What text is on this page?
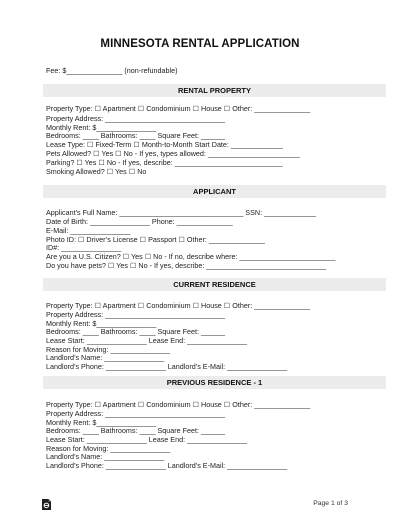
MINNESOTA RENTAL APPLICATION
Fee: $______________ (non-refundable)
RENTAL PROPERTY
Property Type: ☐ Apartment ☐ Condominium ☐ House ☐ Other: ______________
Property Address: ______________________________
Monthly Rent: $_______________
Bedrooms: ____ Bathrooms: ____ Square Feet: ______
Lease Type: ☐ Fixed-Term ☐ Month-to-Month Start Date: _____________
Pets Allowed? ☐ Yes ☐ No - If yes, types allowed: _______________________
Parking? ☐ Yes ☐ No - If yes, describe: ___________________________
Smoking Allowed? ☐ Yes ☐ No
APPLICANT
Applicant’s Full Name: _______________________________ SSN: _____________
Date of Birth: _______________ Phone: ______________
E-Mail: _______________
Photo ID: ☐ Driver’s License ☐ Passport ☐ Other: ______________
ID#: _______________
Are you a U.S. Citizen? ☐ Yes ☐ No - If no, describe where: ________________________
Do you have pets? ☐ Yes ☐ No - If yes, describe: ______________________________
CURRENT RESIDENCE
Property Type: ☐ Apartment ☐ Condominium ☐ House ☐ Other: ______________
Property Address: ______________________________
Monthly Rent: $_______________
Bedrooms: ____ Bathrooms: ____ Square Feet: ______
Lease Start: _______________ Lease End: _______________
Reason for Moving: _______________
Landlord’s Name: _______________
Landlord’s Phone: _______________ Landlord’s E-Mail: _______________
PREVIOUS RESIDENCE - 1
Property Type: ☐ Apartment ☐ Condominium ☐ House ☐ Other: ______________
Property Address: ______________________________
Monthly Rent: $_______________
Bedrooms: ____ Bathrooms: ____ Square Feet: ______
Lease Start: _______________ Lease End: _______________
Reason for Moving: _______________
Landlord’s Name: _______________
Landlord’s Phone: _______________ Landlord’s E-Mail: _______________
Page 1 of 3
